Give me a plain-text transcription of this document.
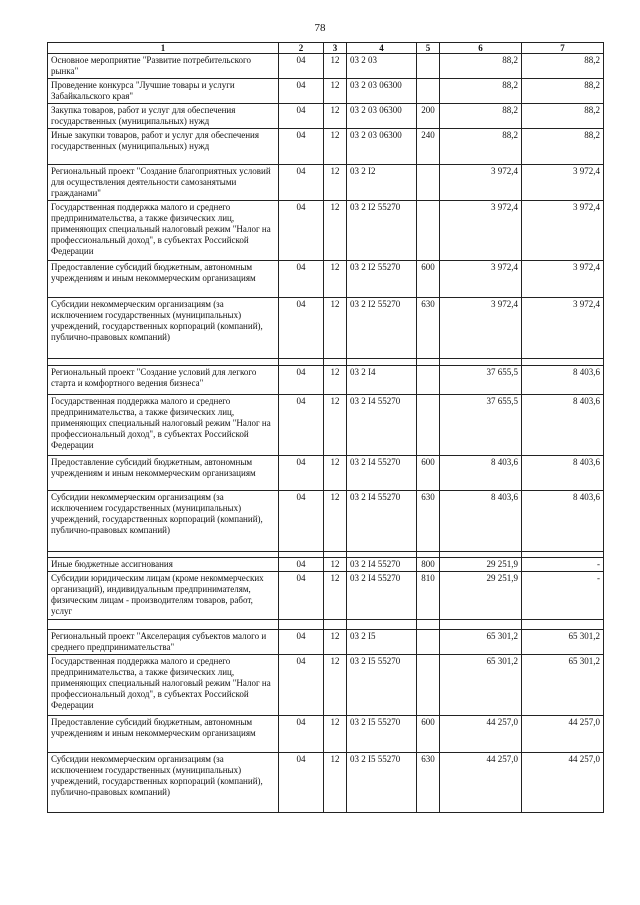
78
1	2	3	4	5	6	7
Основное мероприятие "Развитие потребительского рынка"	04	12	03 2 03		88,2	88,2
Проведение конкурса "Лучшие товары и услуги Забайкальского края"	04	12	03 2 03 06300		88,2	88,2
Закупка товаров, работ и услуг для обеспечения государственных (муниципальных) нужд	04	12	03 2 03 06300	200	88,2	88,2
Иные закупки товаров, работ и услуг для обеспечения государственных (муниципальных) нужд	04	12	03 2 03 06300	240	88,2	88,2
Региональный проект "Создание благоприятных условий для осуществления деятельности самозанятыми гражданами"	04	12	03 2 I2		3 972,4	3 972,4
Государственная поддержка малого и среднего предпринимательства, а также физических лиц, применяющих специальный налоговый режим "Налог на профессиональный доход", в субъектах Российской Федерации	04	12	03 2 I2 55270		3 972,4	3 972,4
Предоставление субсидий бюджетным, автономным учреждениям и иным некоммерческим организациям	04	12	03 2 I2 55270	600	3 972,4	3 972,4
Субсидии некоммерческим организациям (за исключением государственных (муниципальных) учреждений, государственных корпораций (компаний), публично-правовых компаний)	04	12	03 2 I2 55270	630	3 972,4	3 972,4

Региональный проект "Создание условий для легкого старта и комфортного ведения бизнеса"	04	12	03 2 I4		37 655,5	8 403,6
Государственная поддержка малого и среднего предпринимательства, а также физических лиц, применяющих специальный налоговый режим "Налог на профессиональный доход", в субъектах Российской Федерации	04	12	03 2 I4 55270		37 655,5	8 403,6
Предоставление субсидий бюджетным, автономным учреждениям и иным некоммерческим организациям	04	12	03 2 I4 55270	600	8 403,6	8 403,6
Субсидии некоммерческим организациям (за исключением государственных (муниципальных) учреждений, государственных корпораций (компаний), публично-правовых компаний)	04	12	03 2 I4 55270	630	8 403,6	8 403,6

Иные бюджетные ассигнования	04	12	03 2 I4 55270	800	29 251,9	-
Субсидии юридическим лицам (кроме некоммерческих организаций), индивидуальным предпринимателям, физическим лицам - производителям товаров, работ, услуг	04	12	03 2 I4 55270	810	29 251,9	-

Региональный проект "Акселерация субъектов малого и среднего предпринимательства"	04	12	03 2 I5		65 301,2	65 301,2
Государственная поддержка малого и среднего предпринимательства, а также физических лиц, применяющих специальный налоговый режим "Налог на профессиональный доход", в субъектах Российской Федерации	04	12	03 2 I5 55270		65 301,2	65 301,2
Предоставление субсидий бюджетным, автономным учреждениям и иным некоммерческим организациям	04	12	03 2 I5 55270	600	44 257,0	44 257,0
Субсидии некоммерческим организациям (за исключением государственных (муниципальных) учреждений, государственных корпораций (компаний), публично-правовых компаний)	04	12	03 2 I5 55270	630	44 257,0	44 257,0
